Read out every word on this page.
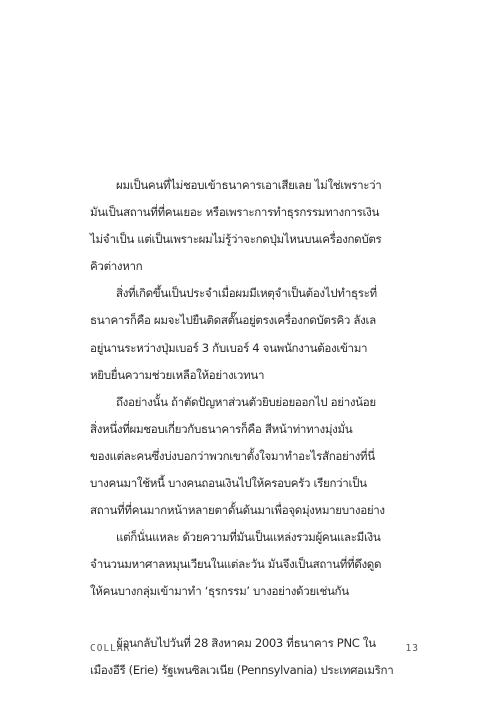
ผมเป็นคนที่ไม่ชอบเข้าธนาคารเอาเสียเลย ไม่ใช่เพราะว่า
มันเป็นสถานที่ที่คนเยอะ หรือเพราะการทำธุรกรรมทางการเงิน
ไม่จำเป็น แต่เป็นเพราะผมไม่รู้ว่าจะกดปุ่มไหนบนเครื่องกดบัตร
คิวต่างหาก
สิ่งที่เกิดขึ้นเป็นประจำเมื่อผมมีเหตุจำเป็นต้องไปทำธุระที่
ธนาคารก็คือ ผมจะไปยืนติดสตั๊นอยู่ตรงเครื่องกดบัตรคิว ลังเล
อยู่นานระหว่างปุ่มเบอร์ 3 กับเบอร์ 4 จนพนักงานต้องเข้ามา
หยิบยื่นความช่วยเหลือให้อย่างเวทนา
ถึงอย่างนั้น ถ้าตัดปัญหาส่วนตัวยิบย่อยออกไป อย่างน้อย
สิ่งหนึ่งที่ผมชอบเกี่ยวกับธนาคารก็คือ สีหน้าท่าทางมุ่งมั่น
ของแต่ละคนซึ่งบ่งบอกว่าพวกเขาตั้งใจมาทำอะไรสักอย่างที่นี่
บางคนมาใช้หนี้ บางคนถอนเงินไปให้ครอบครัว เรียกว่าเป็น
สถานที่ที่คนมากหน้าหลายตาดั้นด้นมาเพื่อจุดมุ่งหมายบางอย่าง
แต่ก็นั่นแหละ ด้วยความที่มันเป็นแหล่งรวมผู้คนและมีเงิน
จำนวนมหาศาลหมุนเวียนในแต่ละวัน มันจึงเป็นสถานที่ที่ดึงดูด
ให้คนบางกลุ่มเข้ามาทำ ‘ธุรกรรม’ บางอย่างด้วยเช่นกัน
ย้อนกลับไปวันที่ 28 สิงหาคม 2003 ที่ธนาคาร PNC ใน
เมืองอีรี (Erie) รัฐเพนซิลเวเนีย (Pennsylvania) ประเทศอเมริกา
COLLAR	13
